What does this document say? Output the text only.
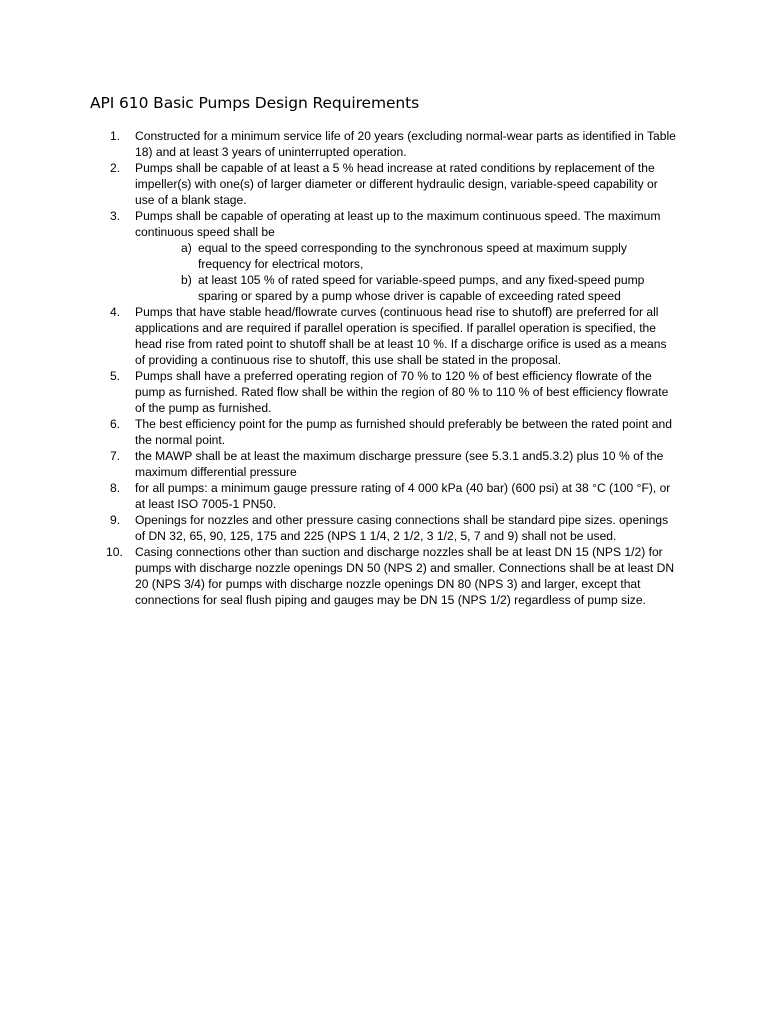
API 610 Basic Pumps Design Requirements
1.	Constructed for a minimum service life of 20 years (excluding normal-wear parts as identified in Table 18) and at least 3 years of uninterrupted operation.
2.	Pumps shall be capable of at least a 5 % head increase at rated conditions by replacement of the impeller(s) with one(s) of larger diameter or different hydraulic design, variable-speed capability or use of a blank stage.
3.	Pumps shall be capable of operating at least up to the maximum continuous speed. The maximum continuous speed shall be
a) equal to the speed corresponding to the synchronous speed at maximum supply frequency for electrical motors,
b) at least 105 % of rated speed for variable-speed pumps, and any fixed-speed pump sparing or spared by a pump whose driver is capable of exceeding rated speed
4.	Pumps that have stable head/flowrate curves (continuous head rise to shutoff) are preferred for all applications and are required if parallel operation is specified. If parallel operation is specified, the head rise from rated point to shutoff shall be at least 10 %. If a discharge orifice is used as a means of providing a continuous rise to shutoff, this use shall be stated in the proposal.
5.	Pumps shall have a preferred operating region of 70 % to 120 % of best efficiency flowrate of the pump as furnished. Rated flow shall be within the region of 80 % to 110 % of best efficiency flowrate of the pump as furnished.
6.	The best efficiency point for the pump as furnished should preferably be between the rated point and the normal point.
7.	the MAWP shall be at least the maximum discharge pressure (see 5.3.1 and5.3.2) plus 10 % of the maximum differential pressure
8.	for all pumps: a minimum gauge pressure rating of 4 000 kPa (40 bar) (600 psi) at 38 °C (100 °F), or at least ISO 7005-1 PN50.
9.	Openings for nozzles and other pressure casing connections shall be standard pipe sizes. openings of DN 32, 65, 90, 125, 175 and 225 (NPS 1 1/4, 2 1/2, 3 1/2, 5, 7 and 9) shall not be used.
10. Casing connections other than suction and discharge nozzles shall be at least DN 15 (NPS 1/2) for pumps with discharge nozzle openings DN 50 (NPS 2) and smaller. Connections shall be at least DN 20 (NPS 3/4) for pumps with discharge nozzle openings DN 80 (NPS 3) and larger, except that connections for seal flush piping and gauges may be DN 15 (NPS 1/2) regardless of pump size.
